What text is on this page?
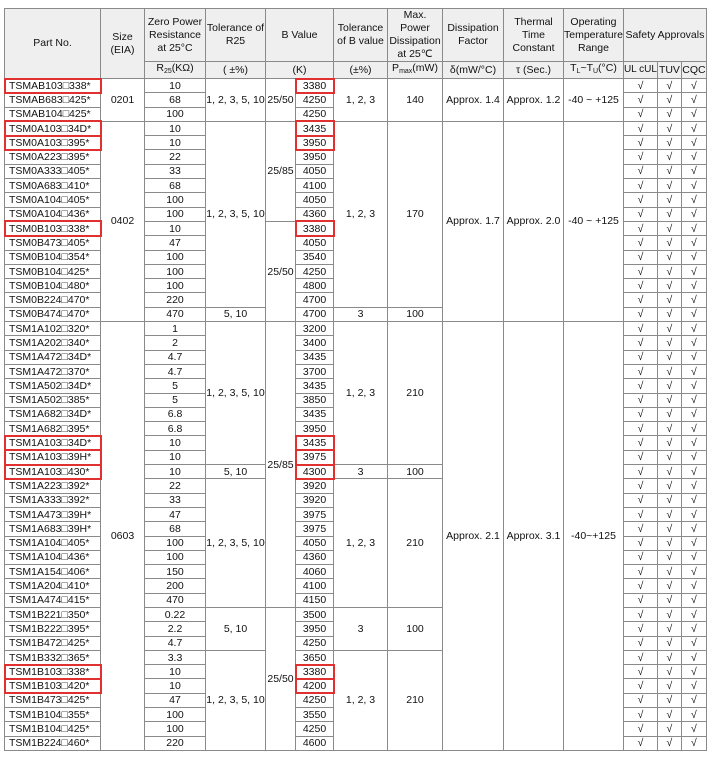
Part No.	Size (EIA)	Zero Power Resistance at 25°C	Tolerance of R25	B Value		Tolerance of B value	Max. Power Dissipation at 25℃	Dissipation Factor	Thermal Time Constant	Operating Temperature Range	Safety Approvals		
		$R_{25}(K\Omega)$	( ±%)	(K)		(±%)	$P_{max}(mW)$	δ(mW/°C)	τ (Sec.)	$T_L\sim T_U(^\circ C)$	UL cUL	TUV	CQC

TSMAB103□338*	0201	10	1, 2, 3, 5, 10	25/50	3380	1, 2, 3	140	Approx. 1.4	Approx. 1.2	-40 ~ +125	√	√	√
TSMAB683□425*		68			4250						√	√	√
TSMAB104□425*		100			4250						√	√	√
TSM0A103□34D*	0402	10	1, 2, 3, 5, 10	25/85	3435	1, 2, 3	170	Approx. 1.7	Approx. 2.0	-40 ~ +125	√	√	√
TSM0A103□395*		10			3950						√	√	√
TSM0A223□395*		22			3950						√	√	√
TSM0A333□405*		33			4050						√	√	√
TSM0A683□410*		68			4100						√	√	√
TSM0A104□405*		100			4050						√	√	√
TSM0A104□436*		100			4360						√	√	√
TSM0B103□338*		10		25/50	3380						√	√	√
TSM0B473□405*		47			4050						√	√	√
TSM0B104□354*		100			3540						√	√	√
TSM0B104□425*		100			4250						√	√	√
TSM0B104□480*		100			4800						√	√	√
TSM0B224□470*		220			4700						√	√	√
TSM0B474□470*		470	5, 10		4700	3	100				√	√	√
TSM1A102□320*	0603	1	1, 2, 3, 5, 10	25/85	3200	1, 2, 3	210	Approx. 2.1	Approx. 3.1	-40~+125	√	√	√
TSM1A202□340*		2			3400						√	√	√
TSM1A472□34D*		4.7			3435						√	√	√
TSM1A472□370*		4.7			3700						√	√	√
TSM1A502□34D*		5			3435						√	√	√
TSM1A502□385*		5			3850						√	√	√
TSM1A682□34D*		6.8			3435						√	√	√
TSM1A682□395*		6.8			3950						√	√	√
TSM1A103□34D*		10			3435						√	√	√
TSM1A103□39H*		10			3975						√	√	√
TSM1A103□430*		10	5, 10		4300	3	100				√	√	√
TSM1A223□392*		22	1, 2, 3, 5, 10		3920	1, 2, 3	210				√	√	√
TSM1A333□392*		33			3920						√	√	√
TSM1A473□39H*		47			3975						√	√	√
TSM1A683□39H*		68			3975						√	√	√
TSM1A104□405*		100			4050						√	√	√
TSM1A104□436*		100			4360						√	√	√
TSM1A154□406*		150			4060						√	√	√
TSM1A204□410*		200			4100						√	√	√
TSM1A474□415*		470			4150						√	√	√
TSM1B221□350*		0.22	5, 10	25/50	3500	3	100				√	√	√
TSM1B222□395*		2.2			3950						√	√	√
TSM1B472□425*		4.7			4250						√	√	√
TSM1B332□365*		3.3	1, 2, 3, 5, 10		3650	1, 2, 3	210				√	√	√
TSM1B103□338*		10			3380						√	√	√
TSM1B103□420*		10			4200						√	√	√
TSM1B473□425*		47			4250						√	√	√
TSM1B104□355*		100			3550						√	√	√
TSM1B104□425*		100			4250						√	√	√
TSM1B224□460*		220			4600						√	√	√
